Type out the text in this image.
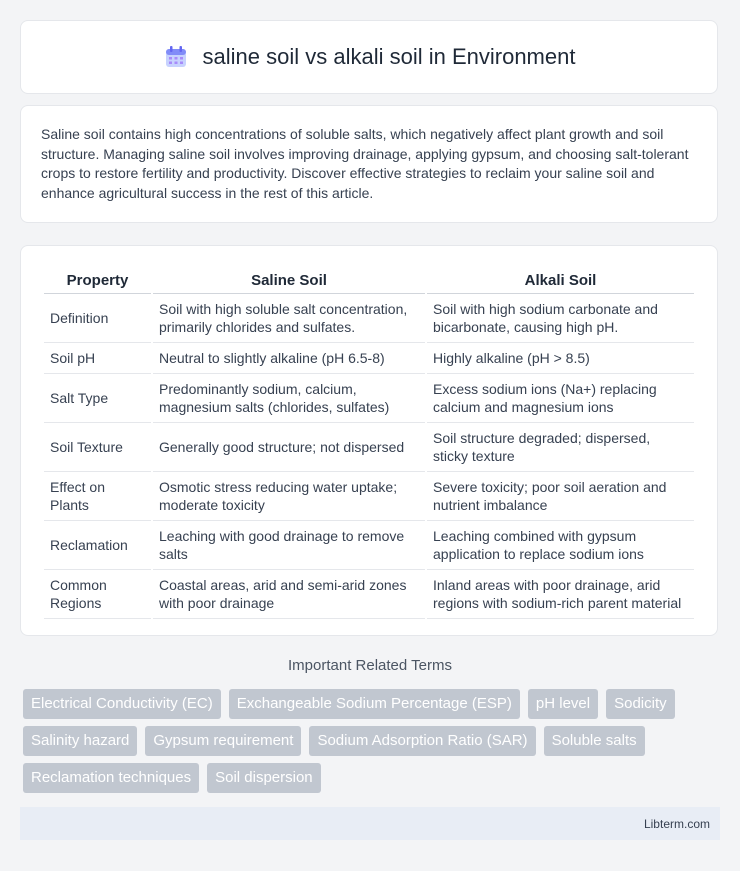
saline soil vs alkali soil in Environment
Saline soil contains high concentrations of soluble salts, which negatively affect plant growth and soil structure. Managing saline soil involves improving drainage, applying gypsum, and choosing salt-tolerant crops to restore fertility and productivity. Discover effective strategies to reclaim your saline soil and enhance agricultural success in the rest of this article.
Property	Saline Soil	Alkali Soil
Definition	Soil with high soluble salt concentration, primarily chlorides and sulfates.	Soil with high sodium carbonate and bicarbonate, causing high pH.
Soil pH	Neutral to slightly alkaline (pH 6.5-8)	Highly alkaline (pH > 8.5)
Salt Type	Predominantly sodium, calcium, magnesium salts (chlorides, sulfates)	Excess sodium ions (Na+) replacing calcium and magnesium ions
Soil Texture	Generally good structure; not dispersed	Soil structure degraded; dispersed, sticky texture
Effect on Plants	Osmotic stress reducing water uptake; moderate toxicity	Severe toxicity; poor soil aeration and nutrient imbalance
Reclamation	Leaching with good drainage to remove salts	Leaching combined with gypsum application to replace sodium ions
Common Regions	Coastal areas, arid and semi-arid zones with poor drainage	Inland areas with poor drainage, arid regions with sodium-rich parent material
Important Related Terms
Electrical Conductivity (EC)	Exchangeable Sodium Percentage (ESP)	pH level	Sodicity
Salinity hazard	Gypsum requirement	Sodium Adsorption Ratio (SAR)	Soluble salts
Reclamation techniques	Soil dispersion
Libterm.com
